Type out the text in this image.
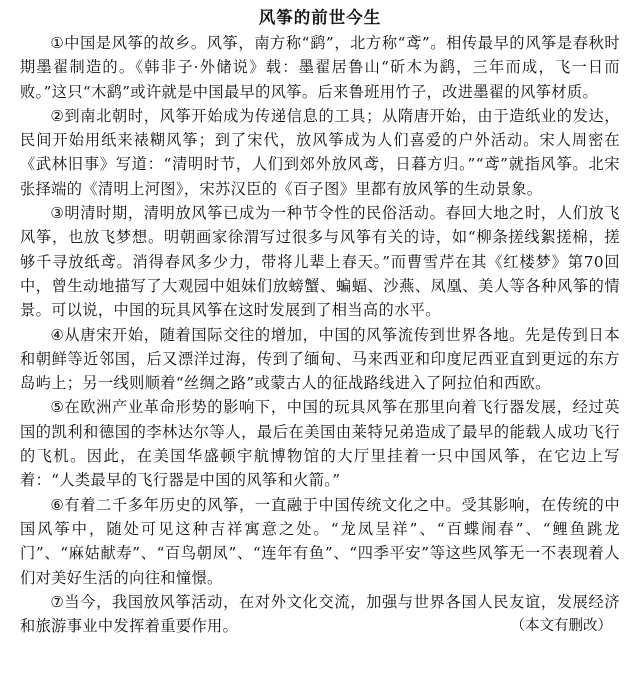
风筝的前世今生

①中国是风筝的故乡。风筝，南方称“鹞”，北方称“鸢”。相传最早的风筝是春秋时期墨翟制造的。《韩非子·外储说》载：墨翟居鲁山“斫木为鹞，三年而成，飞一日而败。”这只“木鹞”或许就是中国最早的风筝。后来鲁班用竹子，改进墨翟的风筝材质。

②到南北朝时，风筝开始成为传递信息的工具；从隋唐开始，由于造纸业的发达，民间开始用纸来裱糊风筝；到了宋代，放风筝成为人们喜爱的户外活动。宋人周密在《武林旧事》写道：“清明时节，人们到郊外放风鸢，日暮方归。”“鸢”就指风筝。北宋张择端的《清明上河图》，宋苏汉臣的《百子图》里都有放风筝的生动景象。

③明清时期，清明放风筝已成为一种节令性的民俗活动。春回大地之时，人们放飞风筝，也放飞梦想。明朝画家徐渭写过很多与风筝有关的诗，如“柳条搓线絮搓棉，搓够千寻放纸鸢。消得春风多少力，带将儿辈上春天。”而曹雪芹在其《红楼梦》第70回中，曾生动地描写了大观园中姐妹们放螃蟹、蝙蝠、沙燕、凤凰、美人等各种风筝的情景。可以说，中国的玩具风筝在这时发展到了相当高的水平。

④从唐宋开始，随着国际交往的增加，中国的风筝流传到世界各地。先是传到日本和朝鲜等近邻国，后又漂洋过海，传到了缅甸、马来西亚和印度尼西亚直到更远的东方岛屿上；另一线则顺着“丝绸之路”或蒙古人的征战路线进入了阿拉伯和西欧。

⑤在欧洲产业革命形势的影响下，中国的玩具风筝在那里向着飞行器发展，经过英国的凯利和德国的李林达尔等人，最后在美国由莱特兄弟造成了最早的能载人成功飞行的飞机。因此，在美国华盛顿宇航博物馆的大厅里挂着一只中国风筝，在它边上写着：“人类最早的飞行器是中国的风筝和火箭。”

⑥有着二千多年历史的风筝，一直融于中国传统文化之中。受其影响，在传统的中国风筝中，随处可见这种吉祥寓意之处。“龙凤呈祥”、“百蝶闹春”、“鲤鱼跳龙门”、“麻姑献寿”、“百鸟朝凤”、“连年有鱼”、“四季平安”等这些风筝无一不表现着人们对美好生活的向往和憧憬。

⑦当今，我国放风筝活动，在对外文化交流，加强与世界各国人民友谊，发展经济和旅游事业中发挥着重要作用。	（本文有删改）
